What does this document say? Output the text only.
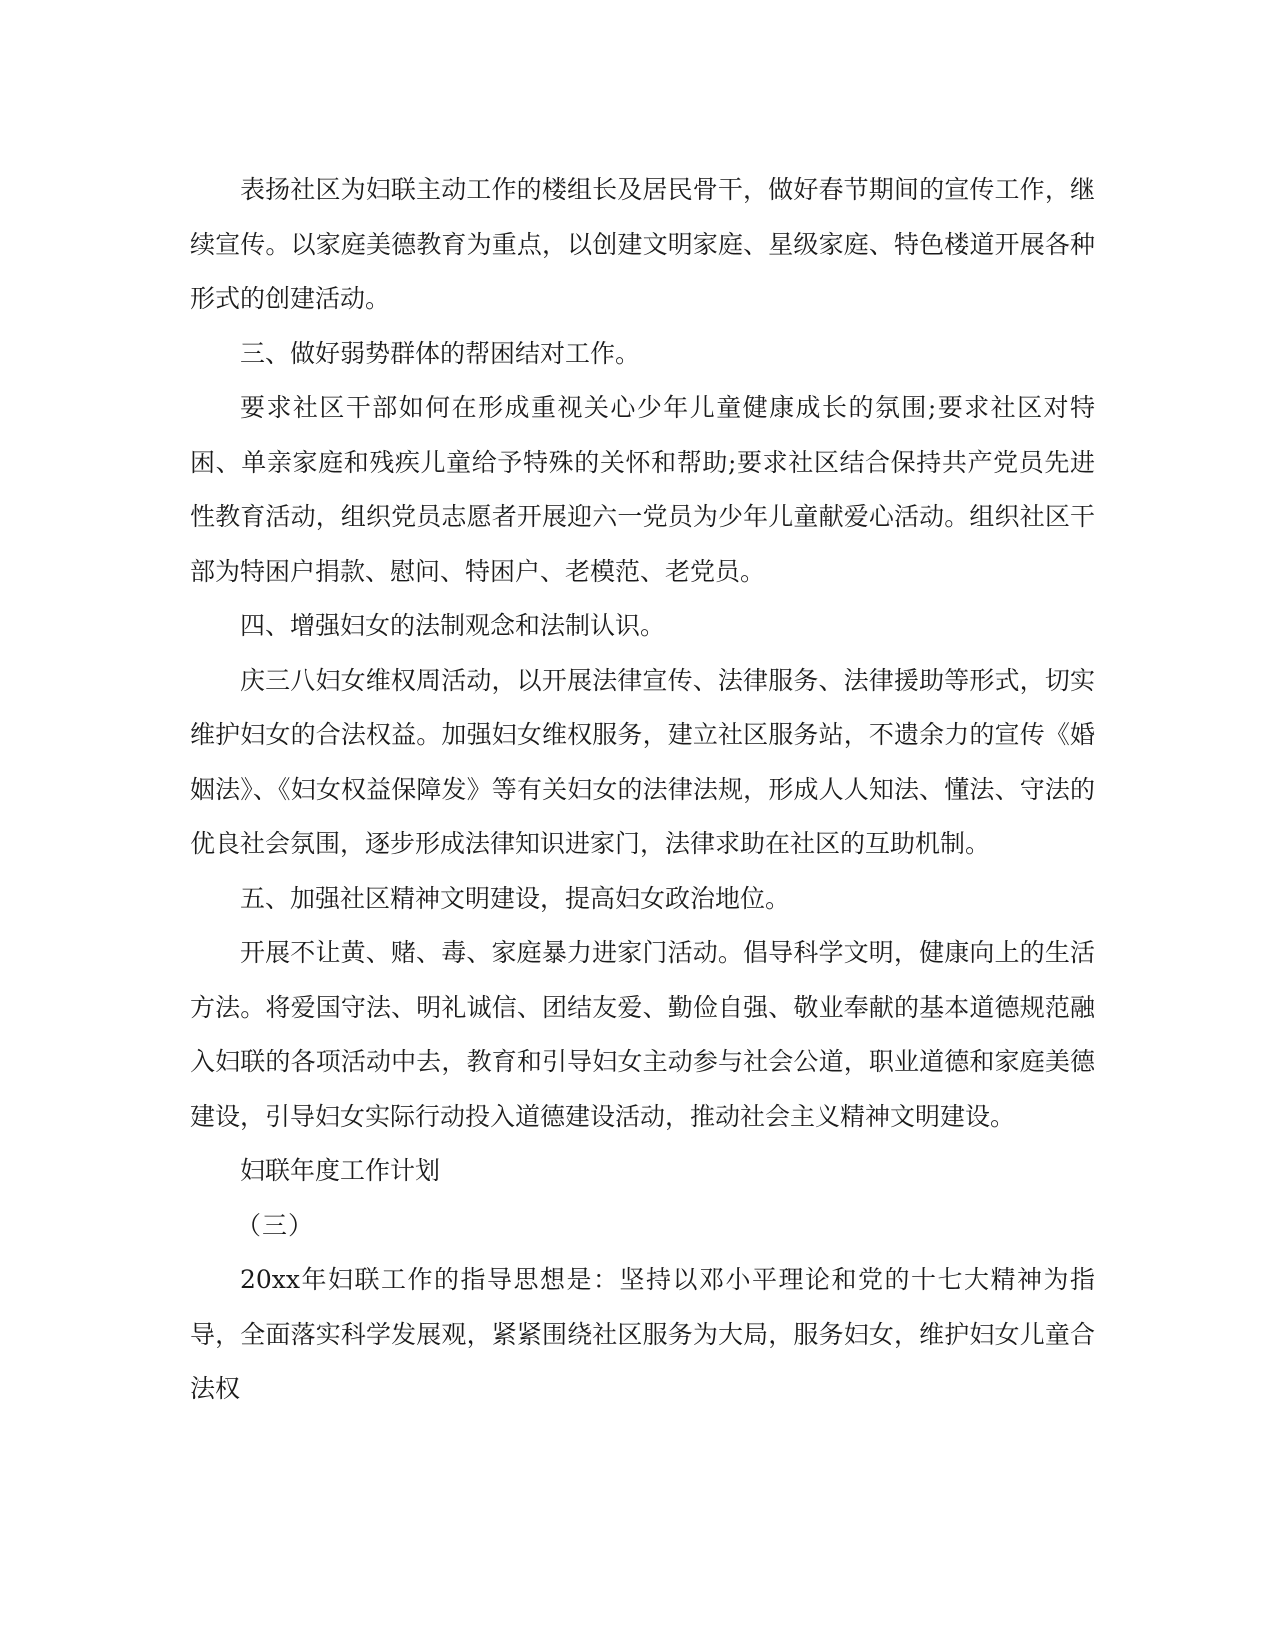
表扬社区为妇联主动工作的楼组长及居民骨干，做好春节期间的宣传工作，继续宣传。以家庭美德教育为重点，以创建文明家庭、星级家庭、特色楼道开展各种形式的创建活动。

三、做好弱势群体的帮困结对工作。

要求社区干部如何在形成重视关心少年儿童健康成长的氛围;要求社区对特困、单亲家庭和残疾儿童给予特殊的关怀和帮助;要求社区结合保持共产党员先进性教育活动，组织党员志愿者开展迎六一党员为少年儿童献爱心活动。组织社区干部为特困户捐款、慰问、特困户、老模范、老党员。

四、增强妇女的法制观念和法制认识。

庆三八妇女维权周活动，以开展法律宣传、法律服务、法律援助等形式，切实维护妇女的合法权益。加强妇女维权服务，建立社区服务站，不遗余力的宣传《婚姻法》、《妇女权益保障发》等有关妇女的法律法规，形成人人知法、懂法、守法的优良社会氛围，逐步形成法律知识进家门，法律求助在社区的互助机制。

五、加强社区精神文明建设，提高妇女政治地位。

开展不让黄、赌、毒、家庭暴力进家门活动。倡导科学文明，健康向上的生活方法。将爱国守法、明礼诚信、团结友爱、勤俭自强、敬业奉献的基本道德规范融入妇联的各项活动中去，教育和引导妇女主动参与社会公道，职业道德和家庭美德建设，引导妇女实际行动投入道德建设活动，推动社会主义精神文明建设。

妇联年度工作计划

（三）

20xx年妇联工作的指导思想是：坚持以邓小平理论和党的十七大精神为指导，全面落实科学发展观，紧紧围绕社区服务为大局，服务妇女，维护妇女儿童合法权
